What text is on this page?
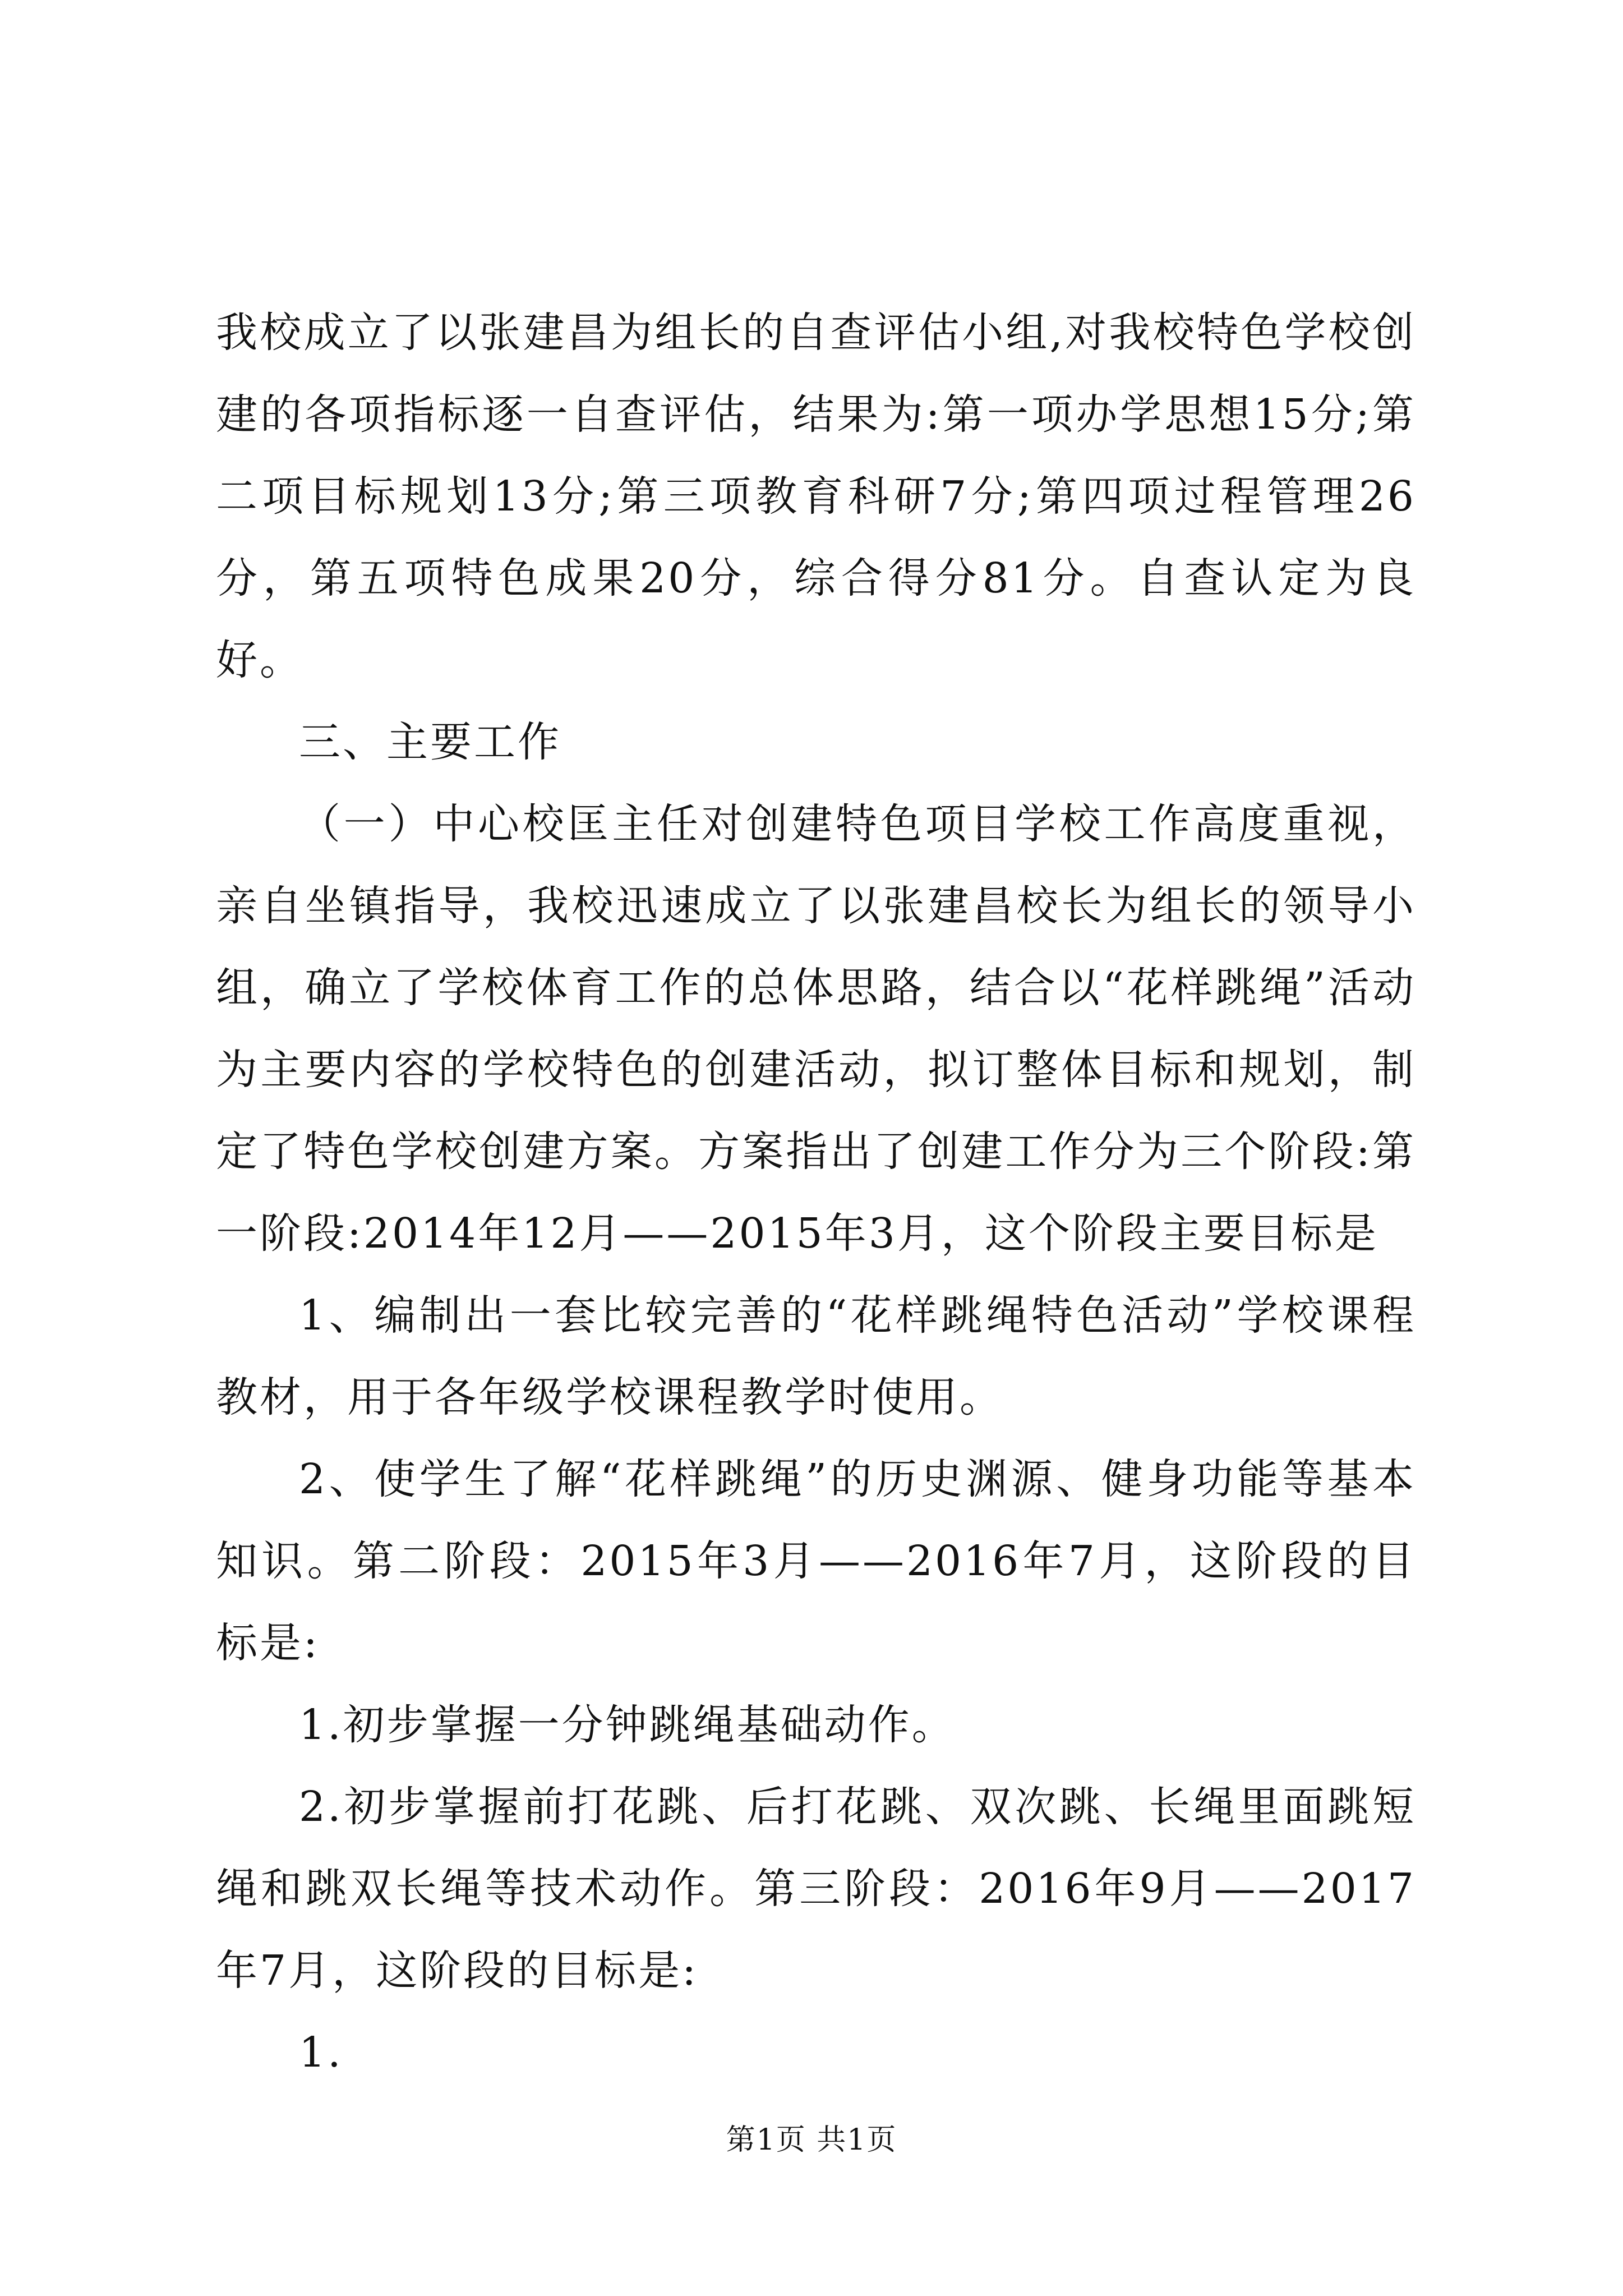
我校成立了以张建昌为组长的自查评估小组,对我校特色学校创建的各项指标逐一自查评估，结果为:第一项办学思想15分;第二项目标规划13分;第三项教育科研7分;第四项过程管理26分，第五项特色成果20分，综合得分81分。自查认定为良好。

三、主要工作

（一）中心校匡主任对创建特色项目学校工作高度重视，亲自坐镇指导，我校迅速成立了以张建昌校长为组长的领导小组，确立了学校体育工作的总体思路，结合以“花样跳绳”活动为主要内容的学校特色的创建活动，拟订整体目标和规划，制定了特色学校创建方案。方案指出了创建工作分为三个阶段:第一阶段:2014年12月——2015年3月，这个阶段主要目标是

1、编制出一套比较完善的“花样跳绳特色活动”学校课程教材，用于各年级学校课程教学时使用。

2、使学生了解“花样跳绳”的历史渊源、健身功能等基本知识。第二阶段：2015年3月——2016年7月，这阶段的目标是:

1.初步掌握一分钟跳绳基础动作。

2.初步掌握前打花跳、后打花跳、双次跳、长绳里面跳短绳和跳双长绳等技术动作。第三阶段：2016年9月——2017年7月，这阶段的目标是:

1.

第1页 共1页
